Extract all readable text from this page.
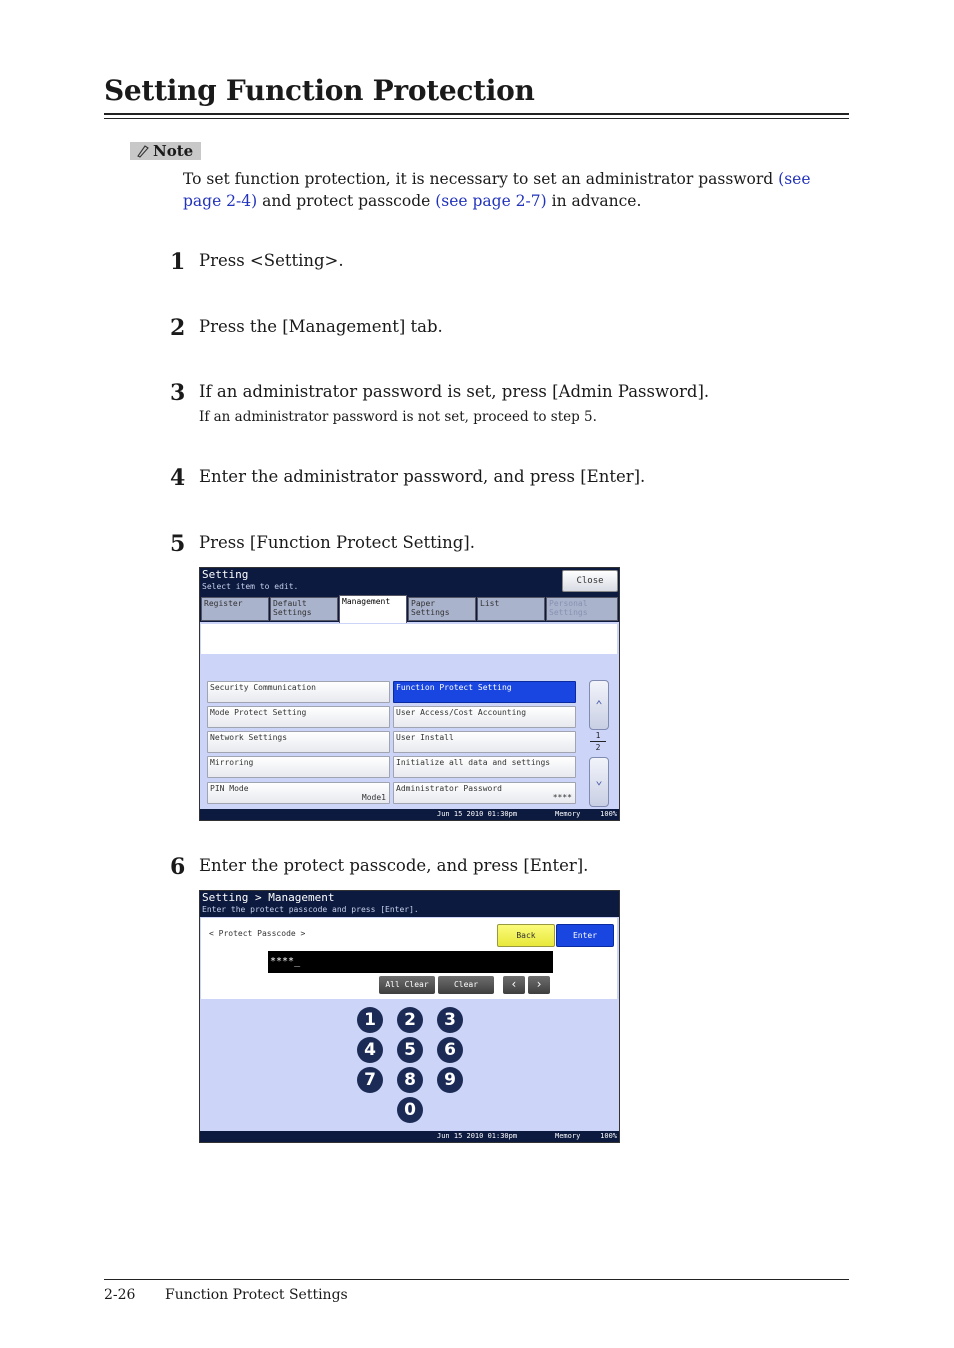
Setting Function Protection
Note
To set function protection, it is necessary to set an administrator password (see page 2-4) and protect passcode (see page 2-7) in advance.
1 Press <Setting>.
2 Press the [Management] tab.
3 If an administrator password is set, press [Admin Password].
If an administrator password is not set, proceed to step 5.
4 Enter the administrator password, and press [Enter].
5 Press [Function Protect Setting].
Setting
Select item to edit.
Close
Register	Default
Settings
Management	Paper
Settings
List	Personal
Settings
Security Communication
Mode Protect Setting
Network Settings
Mirroring
PIN Mode
Mode1
Function Protect Setting
User Access/Cost Accounting
User Install
Initialize all data and settings
Administrator Password
****
⌃
1
2
⌄
Jun 15 2010 01:30pm	Memory	100%
6 Enter the protect passcode, and press [Enter].
Setting > Management
Enter the protect passcode and press [Enter].
< Protect Passcode >	Back	Enter
****_
All Clear	Clear	‹	›
1	2	3
4	5	6
7	8	9
0
Jun 15 2010 01:30pm	Memory	100%
2-26 Function Protect Settings
